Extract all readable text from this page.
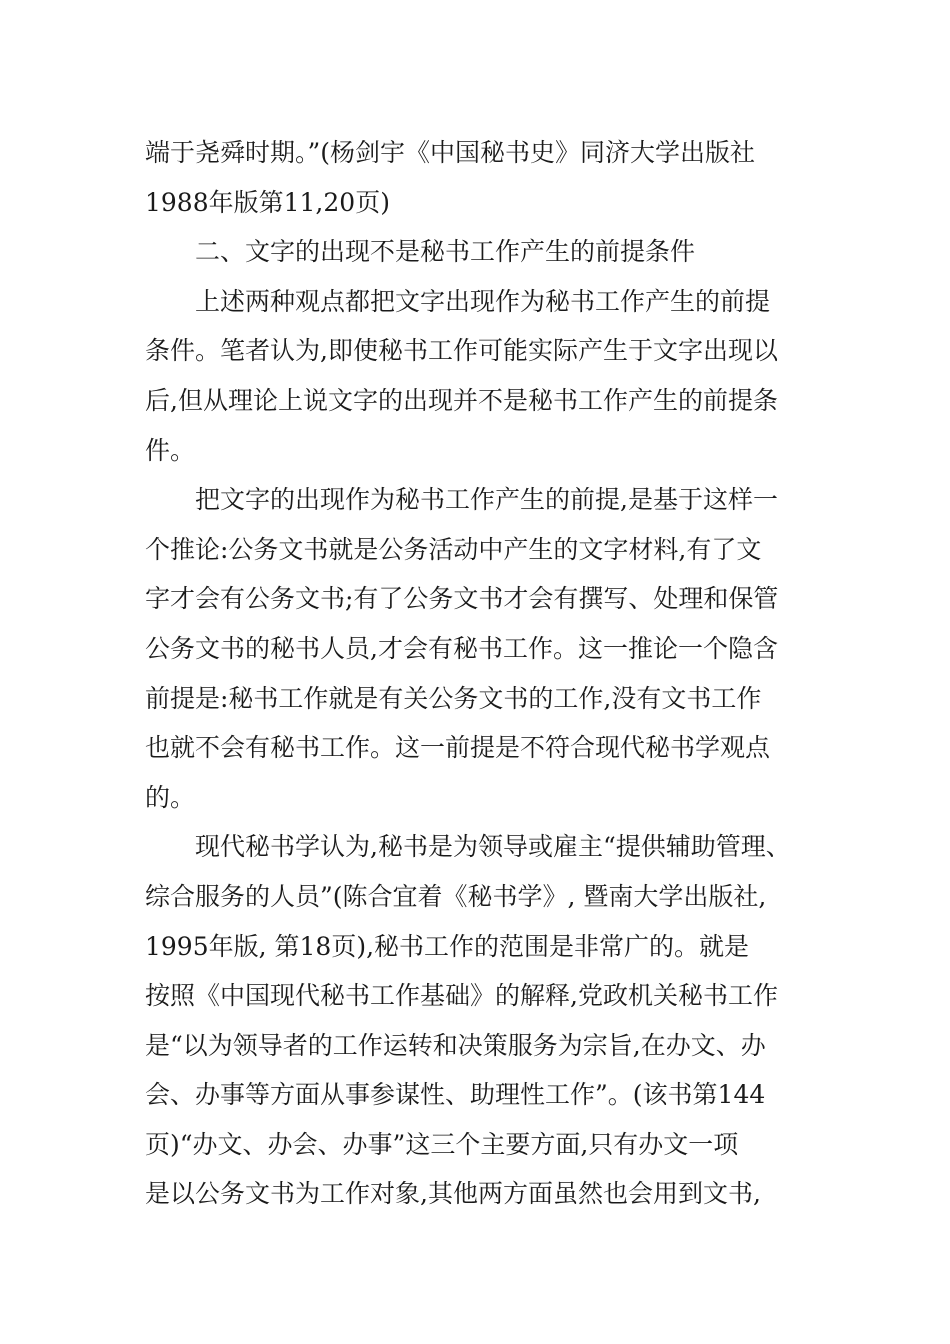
端于尧舜时期。”(杨剑宇《中国秘书史》同济大学出版社
1988年版第11,20页)
二、文字的出现不是秘书工作产生的前提条件
上述两种观点都把文字出现作为秘书工作产生的前提
条件。笔者认为,即使秘书工作可能实际产生于文字出现以
后,但从理论上说文字的出现并不是秘书工作产生的前提条
件。
把文字的出现作为秘书工作产生的前提,是基于这样一
个推论:公务文书就是公务活动中产生的文字材料,有了文
字才会有公务文书;有了公务文书才会有撰写、处理和保管
公务文书的秘书人员,才会有秘书工作。这一推论一个隐含
前提是:秘书工作就是有关公务文书的工作,没有文书工作
也就不会有秘书工作。这一前提是不符合现代秘书学观点
的。
现代秘书学认为,秘书是为领导或雇主“提供辅助管理、
综合服务的人员”(陈合宜着《秘书学》, 暨南大学出版社,
1995年版, 第18页),秘书工作的范围是非常广的。就是
按照《中国现代秘书工作基础》的解释,党政机关秘书工作
是“以为领导者的工作运转和决策服务为宗旨,在办文、办
会、办事等方面从事参谋性、助理性工作”。(该书第144
页)“办文、办会、办事”这三个主要方面,只有办文一项
是以公务文书为工作对象,其他两方面虽然也会用到文书,
